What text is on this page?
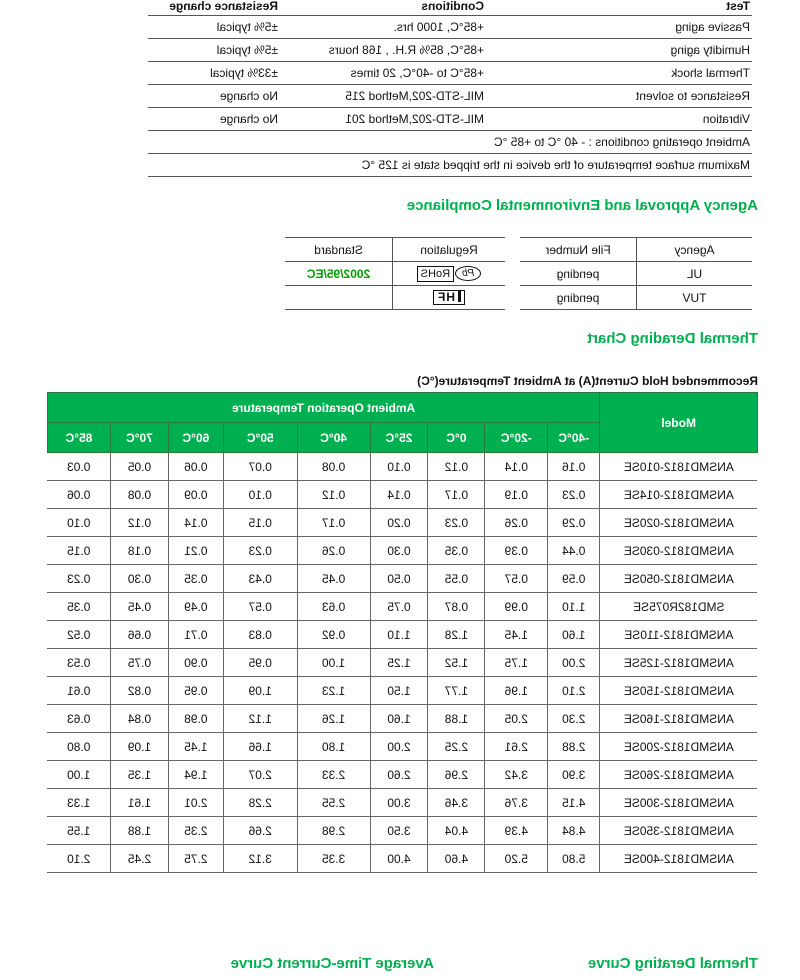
Test	Conditions	Resistance change
Passive aging	+85°C, 1000 hrs.	±5% typical
Humidity aging	+85°C, 85% R.H. , 168 hours	±5% typical
Thermal shock	+85°C to -40°C, 20 times	±33% typical
Resistance to solvent	MIL-STD-202,Method 215	No change
Vibration	MIL-STD-202,Method 201	No change
Ambient operating conditions : - 40 °C to +85 °C		
Maximum surface temperature of the device in the tripped state is 125 °C		
Agency Approval and Environmental Compliance
Agency	File Number
UL	pending
TUV	pending
Regulation	Standard
PbRoHS	2002/95/EC
HF	
Thermal Derading Chart
Recommended Hold Current(A) at Ambient Temperature(°C)
Model	Ambient Operation Temperature								
	-40°C	-20°C	0°C	25°C	40°C	50°C	60°C	70°C	85°C
ANSMD1812-010SE	0.16	0.14	0.12	0.10	0.08	0.07	0.06	0.05	0.03
ANSMD1812-014SE	0.23	0.19	0.17	0.14	0.12	0.10	0.09	0.08	0.06
ANSMD1812-020SE	0.29	0.26	0.23	0.20	0.17	0.15	0.14	0.12	0.10
ANSMD1812-030SE	0.44	0.39	0.35	0.30	0.26	0.23	0.21	0.18	0.15
ANSMD1812-050SE	0.59	0.57	0.55	0.50	0.45	0.43	0.35	0.30	0.23
SMD182R075SE	1.10	0.99	0.87	0.75	0.63	0.57	0.49	0.45	0.35
ANSMD1812-110SE	1.60	1.45	1.28	1.10	0.92	0.83	0.71	0.66	0.52
ANSMD1812-125SE	2.00	1.75	1.52	1.25	1.00	0.95	0.90	0.75	0.53
ANSMD1812-150SE	2.10	1.96	1.77	1.50	1.23	1.09	0.95	0.82	0.61
ANSMD1812-160SE	2.30	2.05	1.88	1.60	1.26	1.12	0.98	0.84	0.63
ANSMD1812-200SE	2.88	2.61	2.25	2.00	1.80	1.66	1.45	1.09	0.80
ANSMD1812-260SE	3.90	3.42	2.96	2.60	2.33	2.07	1.94	1.35	1.00
ANSMD1812-300SE	4.15	3.76	3.46	3.00	2.55	2.28	2.01	1.61	1.33
ANSMD1812-350SE	4.84	4.39	4.04	3.50	2.98	2.66	2.35	1.88	1.55
ANSMD1812-400SE	5.80	5.20	4.60	4.00	3.35	3.12	2.75	2.45	2.10
Thermal Derating Curve
Average Time-Current Curve
